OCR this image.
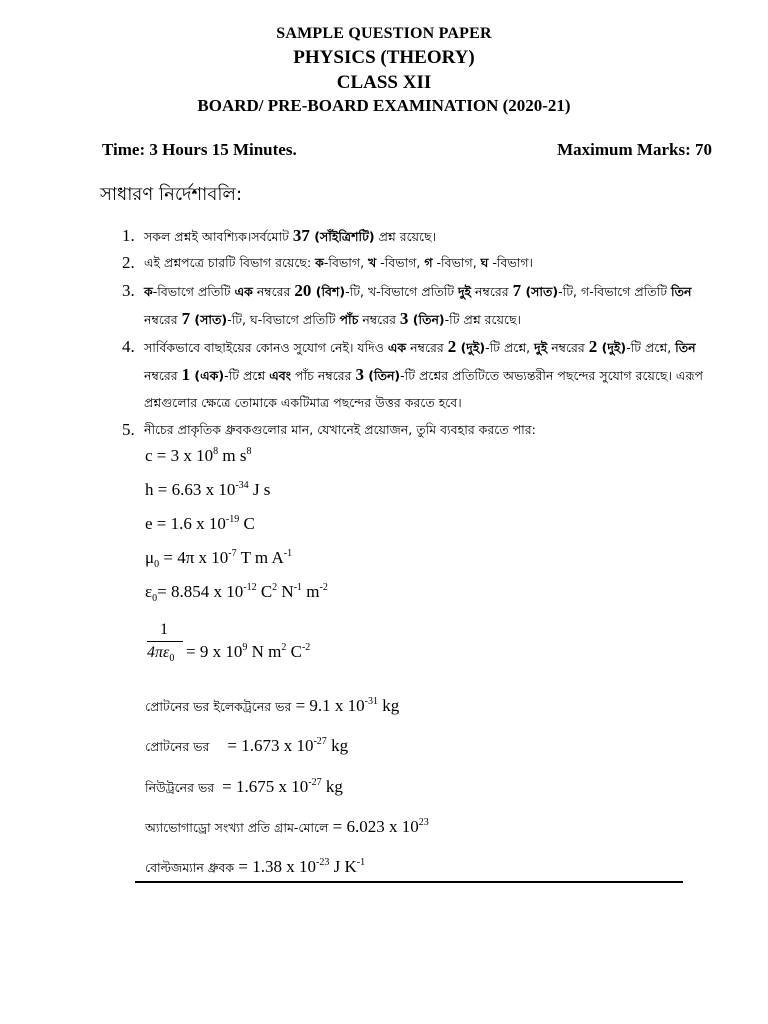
SAMPLE QUESTION PAPER
PHYSICS (THEORY)
CLASS XII
BOARD/ PRE-BOARD EXAMINATION (2020-21)
Time: 3 Hours 15 Minutes.	Maximum Marks: 70
সাধারণ নির্দেশাবলি:
1. সকল প্রশ্নই আবশ্যিক।সর্বমোট 37 (সাঁইত্রিশটি) প্রশ্ন রয়েছে।
2. এই প্রশ্নপত্রে চারটি বিভাগ রয়েছে: ক-বিভাগ, খ -বিভাগ, গ -বিভাগ, ঘ -বিভাগ।
3. ক-বিভাগে প্রতিটি এক নম্বরের 20 (বিশ)-টি, খ-বিভাগে প্রতিটি দুই নম্বরের 7 (সাত)-টি, গ-বিভাগে প্রতিটি তিন নম্বরের 7 (সাত)-টি, ঘ-বিভাগে প্রতিটি পাঁচ নম্বরের 3 (তিন)-টি প্রশ্ন রয়েছে।
4. সার্বিকভাবে বাছাইয়ের কোনও সুযোগ নেই। যদিও এক নম্বরের 2 (দুই)-টি প্রশ্নে, দুই নম্বরের 2 (দুই)-টি প্রশ্নে, তিন নম্বরের 1 (এক)-টি প্রশ্নে এবং পাঁচ নম্বরের 3 (তিন)-টি প্রশ্নের প্রতিটিতে অভ্যন্তরীন পছন্দের সুযোগ রয়েছে। এরূপ প্রশ্নগুলোর ক্ষেত্রে তোমাকে একটিমাত্র পছন্দের উত্তর করতে হবে।
5. নীচের প্রাকৃতিক ধ্রুবকগুলোর মান, যেখানেই প্রয়োজন, তুমি ব্যবহার করতে পার:
c = 3 x $10^8$ m $s^8$
h = 6.63 x $10^{-34}$ J s
e = 1.6 x $10^{-19}$ C
$\mu_0 = 4\pi$ x $10^{-7}$ T m $A^{-1}$
$\varepsilon_0= 8.854$ x $10^{-12}$ $C^2$ $N^{-1}$ $m^{-2}$
1
$4\pi\varepsilon_0 = 9$ x $10^9$ N $m^2$ $C^{-2}$
প্রোটনের ভর ইলেকট্রনের ভর = 9.1 x $10^{-31}$ kg
প্রোটনের ভর = 1.673 x $10^{-27}$ kg
নিউট্রনের ভর = 1.675 x $10^{-27}$ kg
অ্যাভোগাড্রো সংখ্যা প্রতি গ্রাম-মোলে = 6.023 x $10^{23}$
বোল্টজম্যান ধ্রুবক = 1.38 x $10^{-23}$ J $K^{-1}$
